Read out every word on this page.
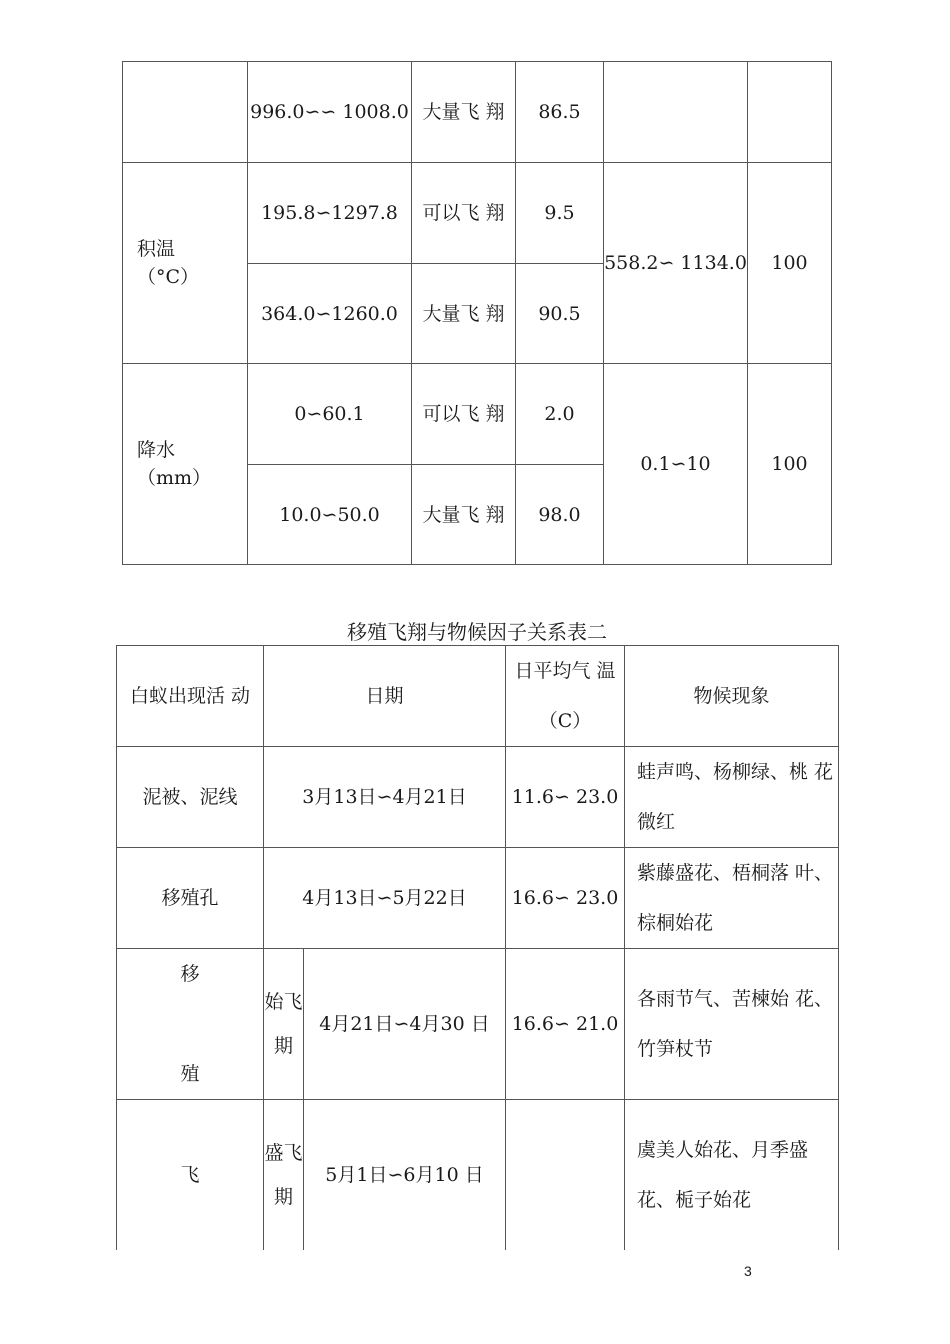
	996.0∽∽ 1008.0	大量飞 翔	86.5		

积温
（°C）	195.8∽1297.8	可以飞 翔	9.5	558.2∽ 1134.0	100
	364.0∽1260.0	大量飞 翔	90.5		

降水
（mm）	0∽60.1	可以飞 翔	2.0	0.1∽10	100
	10.0∽50.0	大量飞 翔	98.0		
移殖飞翔与物候因子关系表二
白蚁出现活 动	日期		日平均气 温（C）	物候现象
泥被、泥线	3月13日∽4月21日		11.6∽ 23.0	蛙声鸣、杨柳绿、桃 花微红
移殖孔	4月13日∽5月22日		16.6∽ 23.0	紫藤盛花、梧桐落 叶、棕桐始花

移
殖	始飞期	4月21日∽4月30 日	16.6∽ 21.0	各雨节气、苦楝始 花、竹笋杖节
飞	盛飞期	5月1日∽6月10 日		虞美人始花、月季盛 花、栀子始花
3
